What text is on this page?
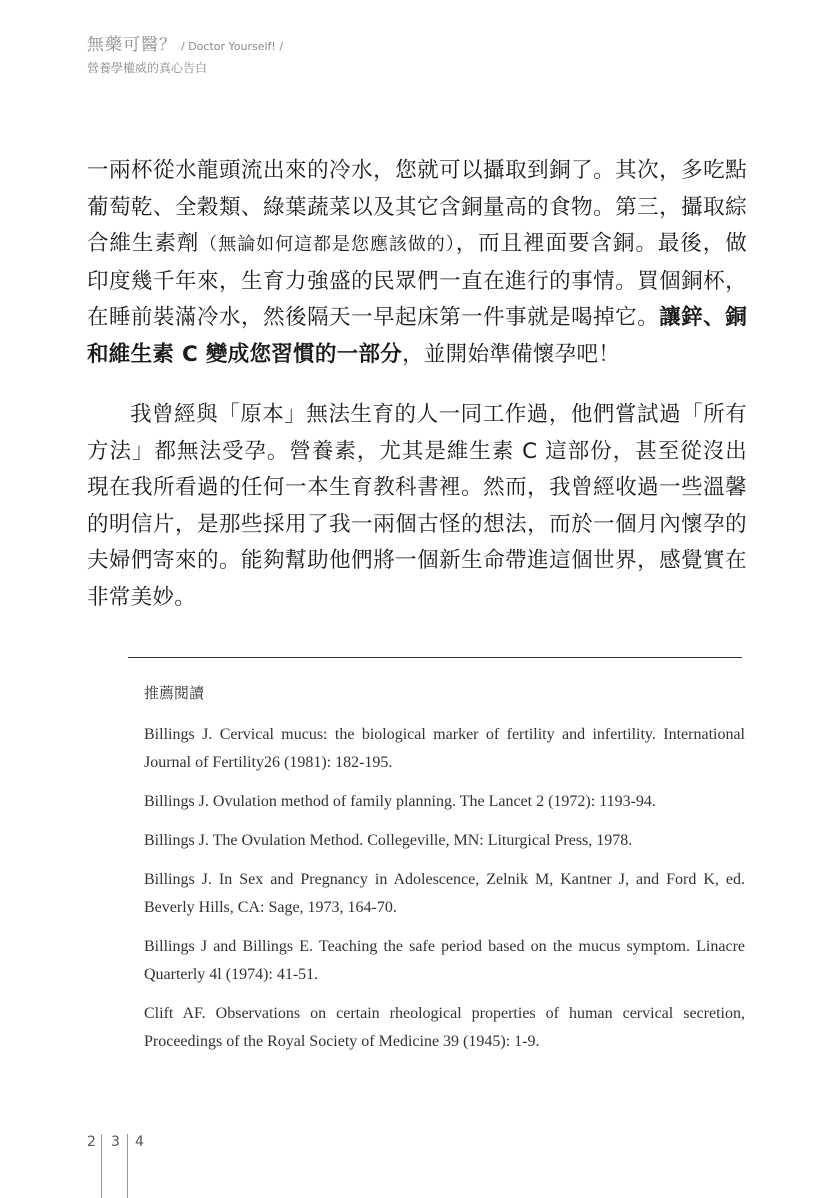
無藥可醫？ / Doctor Yourself! /
營養學權威的真心告白

一兩杯從水龍頭流出來的冷水，您就可以攝取到銅了。其次，多吃點葡萄乾、全穀類、綠葉蔬菜以及其它含銅量高的食物。第三，攝取綜合維生素劑（無論如何這都是您應該做的），而且裡面要含銅。最後，做印度幾千年來，生育力強盛的民眾們一直在進行的事情。買個銅杯，在睡前裝滿冷水，然後隔天一早起床第一件事就是喝掉它。讓鋅、銅和維生素 C 變成您習慣的一部分，並開始準備懷孕吧！

我曾經與「原本」無法生育的人一同工作過，他們嘗試過「所有方法」都無法受孕。營養素，尤其是維生素 C 這部份，甚至從沒出現在我所看過的任何一本生育教科書裡。然而，我曾經收過一些溫馨的明信片，是那些採用了我一兩個古怪的想法，而於一個月內懷孕的夫婦們寄來的。能夠幫助他們將一個新生命帶進這個世界，感覺實在非常美妙。

推薦閱讀
Billings J. Cervical mucus: the biological marker of fertility and infertility. International Journal of Fertility26 (1981): 182-195.
Billings J. Ovulation method of family planning. The Lancet 2 (1972): 1193-94.
Billings J. The Ovulation Method. Collegeville, MN: Liturgical Press, 1978.
Billings J. In Sex and Pregnancy in Adolescence, Zelnik M, Kantner J, and Ford K, ed. Beverly Hills, CA: Sage, 1973, 164-70.
Billings J and Billings E. Teaching the safe period based on the mucus symptom. Linacre Quarterly 4l (1974): 41-51.
Clift AF. Observations on certain rheological properties of human cervical secretion, Proceedings of the Royal Society of Medicine 39 (1945): 1-9.
2 3 4
